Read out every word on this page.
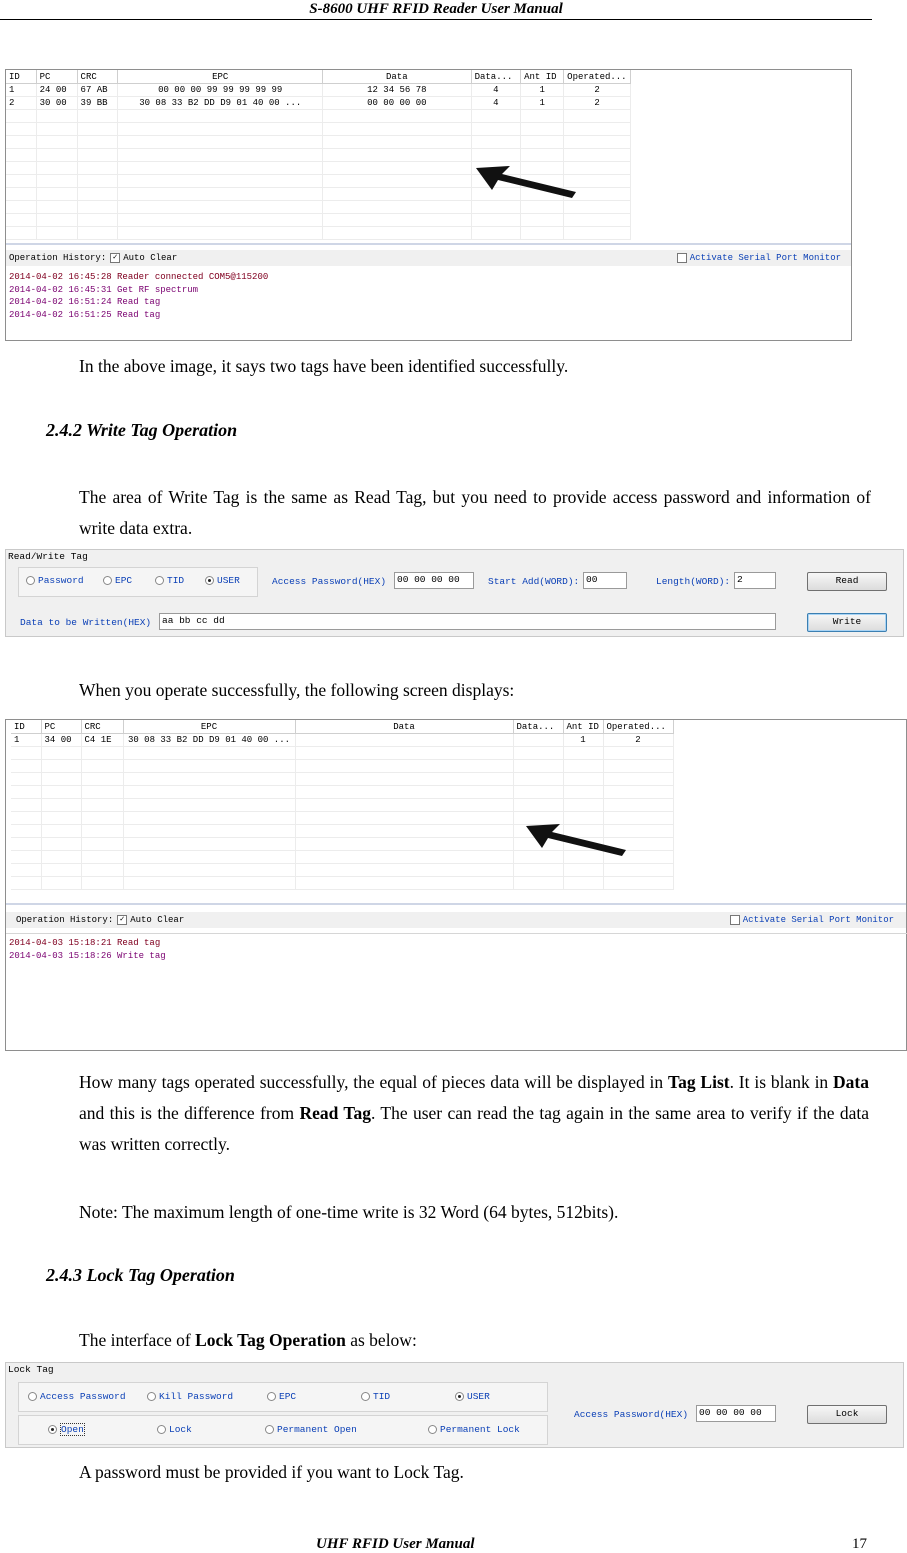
S-8600 UHF RFID Reader User Manual
ID	PC	CRC	EPC	Data	Data...	Ant ID	Operated...
1	24 00	67 AB	00 00 00 99 99 99 99 99	12 34 56 78	4	1	2
2	30 00	39 BB	30 08 33 B2 DD D9 01 40 00 ...	00 00 00 00	4	1	2

Operation History: ✓ Auto Clear	Activate Serial Port Monitor
2014-04-02 16:45:28 Reader connected COM5@115200
2014-04-02 16:45:31 Get RF spectrum
2014-04-02 16:51:24 Read tag
2014-04-02 16:51:25 Read tag
In the above image, it says two tags have been identified successfully.
2.4.2 Write Tag Operation
The area of Write Tag is the same as Read Tag, but you need to provide access password and information of write data extra.
Read/Write Tag
Password	EPC	TID	USER	Access Password(HEX)	00 00 00 00	Start Add(WORD): 00	Length(WORD): 2	Read
Data to be Written(HEX)	aa bb cc dd	Write
When you operate successfully, the following screen displays:
ID	PC	CRC	EPC	Data	Data...	Ant ID	Operated...
1	34 00	C4 1E	30 08 33 B2 DD D9 01 40 00 ...			1	2

Operation History: ✓ Auto Clear	Activate Serial Port Monitor
2014-04-03 15:18:21 Read tag
2014-04-03 15:18:26 Write tag
How many tags operated successfully, the equal of pieces data will be displayed in Tag List. It is blank in Data and this is the difference from Read Tag. The user can read the tag again in the same area to verify if the data was written correctly.
Note: The maximum length of one-time write is 32 Word (64 bytes, 512bits).
2.4.3 Lock Tag Operation
The interface of Lock Tag Operation as below:
Lock Tag
Access Password	Kill Password	EPC	TID	USER
Open	Lock	Permanent Open	Permanent Lock
Access Password(HEX)	00 00 00 00	Lock
A password must be provided if you want to Lock Tag.
UHF RFID User Manual	17
